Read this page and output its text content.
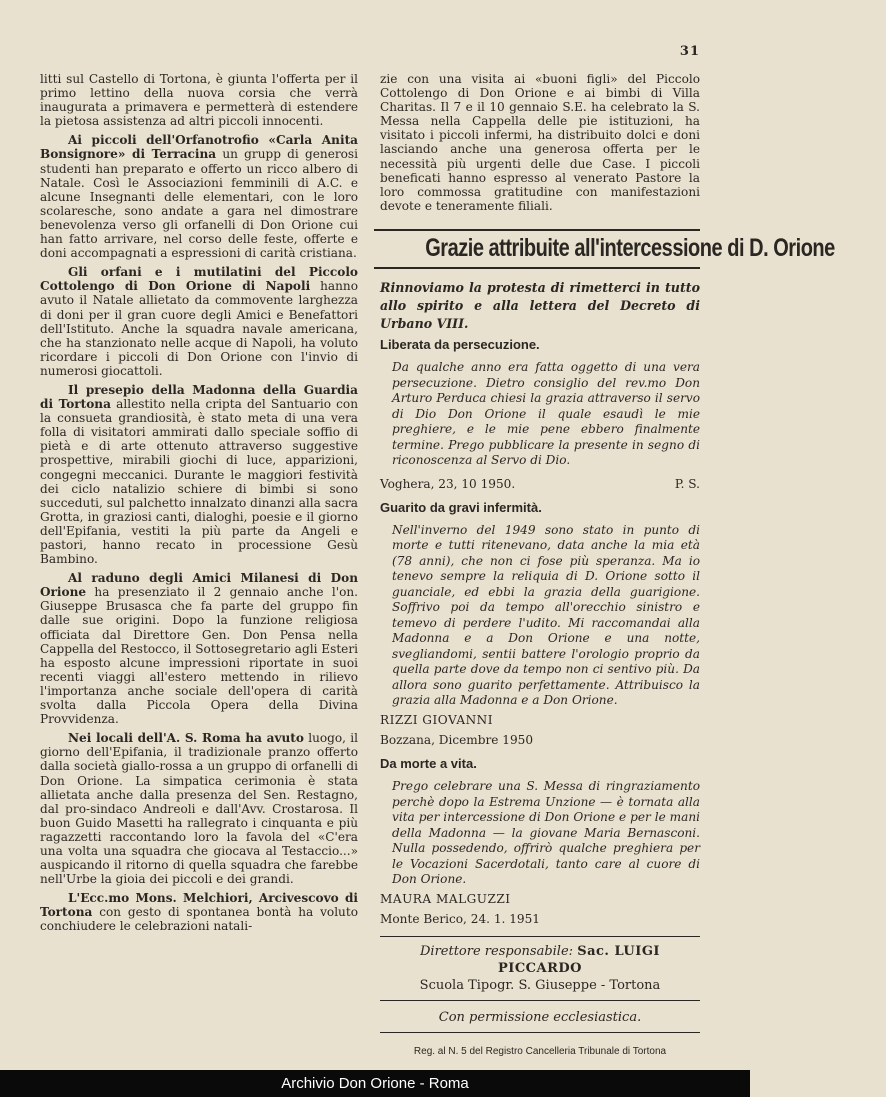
31

litti sul Castello di Tortona, è giunta l'offerta per il primo lettino della nuova corsia che verrà inaugurata a primavera e permetterà di estendere la pietosa assistenza ad altri piccoli innocenti.

Ai piccoli dell'Orfanotrofio «Carla Anita Bonsignore» di Terracina un grupp di generosi studenti han preparato e offerto un ricco albero di Natale. Così le Associazioni femminili di A.C. e alcune Insegnanti delle elementari, con le loro scolaresche, sono andate a gara nel dimostrare benevolenza verso gli orfanelli di Don Orione cui han fatto arrivare, nel corso delle feste, offerte e doni accompagnati a espressioni di carità cristiana.

Gli orfani e i mutilatini del Piccolo Cottolengo di Don Orione di Napoli hanno avuto il Natale allietato da commovente larghezza di doni per il gran cuore degli Amici e Benefattori dell'Istituto. Anche la squadra navale americana, che ha stanzionato nelle acque di Napoli, ha voluto ricordare i piccoli di Don Orione con l'invio di numerosi giocattoli.

Il presepio della Madonna della Guardia di Tortona allestito nella cripta del Santuario con la consueta grandiosità, è stato meta di una vera folla di visitatori ammirati dallo speciale soffio di pietà e di arte ottenuto attraverso suggestive prospettive, mirabili giochi di luce, apparizioni, congegni meccanici. Durante le maggiori festività dei ciclo natalizio schiere di bimbi si sono succeduti, sul palchetto innalzato dinanzi alla sacra Grotta, in graziosi canti, dialoghi, poesie e il giorno dell'Epifania, vestiti la più parte da Angeli e pastori, hanno recato in processione Gesù Bambino.

Al raduno degli Amici Milanesi di Don Orione ha presenziato il 2 gennaio anche l'on. Giuseppe Brusasca che fa parte del gruppo fin dalle sue origini. Dopo la funzione religiosa officiata dal Direttore Gen. Don Pensa nella Cappella del Restocco, il Sottosegretario agli Esteri ha esposto alcune impressioni riportate in suoi recenti viaggi all'estero mettendo in rilievo l'importanza anche sociale dell'opera di carità svolta dalla Piccola Opera della Divina Provvidenza.

Nei locali dell'A. S. Roma ha avuto luogo, il giorno dell'Epifania, il tradizionale pranzo offerto dalla società giallo-rossa a un gruppo di orfanelli di Don Orione. La simpatica cerimonia è stata allietata anche dalla presenza del Sen. Restagno, dal pro-sindaco Andreoli e dall'Avv. Crostarosa. Il buon Guido Masetti ha rallegrato i cinquanta e più ragazzetti raccontando loro la favola del «C'era una volta una squadra che giocava al Testaccio...» auspicando il ritorno di quella squadra che farebbe nell'Urbe la gioia dei piccoli e dei grandi.

L'Ecc.mo Mons. Melchiori, Arcivescovo di Tortona con gesto di spontanea bontà ha voluto conchiudere le celebrazioni natali-

zie con una visita ai «buoni figli» del Piccolo Cottolengo di Don Orione e ai bimbi di Villa Charitas. Il 7 e il 10 gennaio S.E. ha celebrato la S. Messa nella Cappella delle pie istituzioni, ha visitato i piccoli infermi, ha distribuito dolci e doni lasciando anche una generosa offerta per le necessità più urgenti delle due Case. I piccoli beneficati hanno espresso al venerato Pastore la loro commossa gratitudine con manifestazioni devote e teneramente filiali.

Grazie attribuite all'intercessione di D. Orione

Rinnoviamo la protesta di rimetterci in tutto allo spirito e alla lettera del Decreto di Urbano VIII.

Liberata da persecuzione.

Da qualche anno era fatta oggetto di una vera persecuzione. Dietro consiglio del rev.mo Don Arturo Perduca chiesi la grazia attraverso il servo di Dio Don Orione il quale esaudì le mie preghiere, e le mie pene ebbero finalmente termine. Prego pubblicare la presente in segno di riconoscenza al Servo di Dio.

Voghera, 23, 10 1950.	P. S.

Guarito da gravi infermità.

Nell'inverno del 1949 sono stato in punto di morte e tutti ritenevano, data anche la mia età (78 anni), che non ci fose più speranza. Ma io tenevo sempre la reliquia di D. Orione sotto il guanciale, ed ebbi la grazia della guarigione. Soffrivo poi da tempo all'orecchio sinistro e temevo di perdere l'udito. Mi raccomandai alla Madonna e a Don Orione e una notte, svegliandomi, sentii battere l'orologio proprio da quella parte dove da tempo non ci sentivo più. Da allora sono guarito perfettamente. Attribuisco la grazia alla Madonna e a Don Orione.

RIZZI GIOVANNI

Bozzana, Dicembre 1950

Da morte a vita.

Prego celebrare una S. Messa di ringraziamento perchè dopo la Estrema Unzione — è tornata alla vita per intercessione di Don Orione e per le mani della Madonna — la giovane Maria Bernasconi. Nulla possedendo, offrirò qualche preghiera per le Vocazioni Sacerdotali, tanto care al cuore di Don Orione.

MAURA MALGUZZI

Monte Berico, 24. 1. 1951

Direttore responsabile: Sac. LUIGI PICCARDO
Scuola Tipogr. S. Giuseppe - Tortona
Con permissione ecclesiastica.
Reg. al N. 5 del Registro Cancelleria Tribunale di Tortona
Archivio Don Orione - Roma
